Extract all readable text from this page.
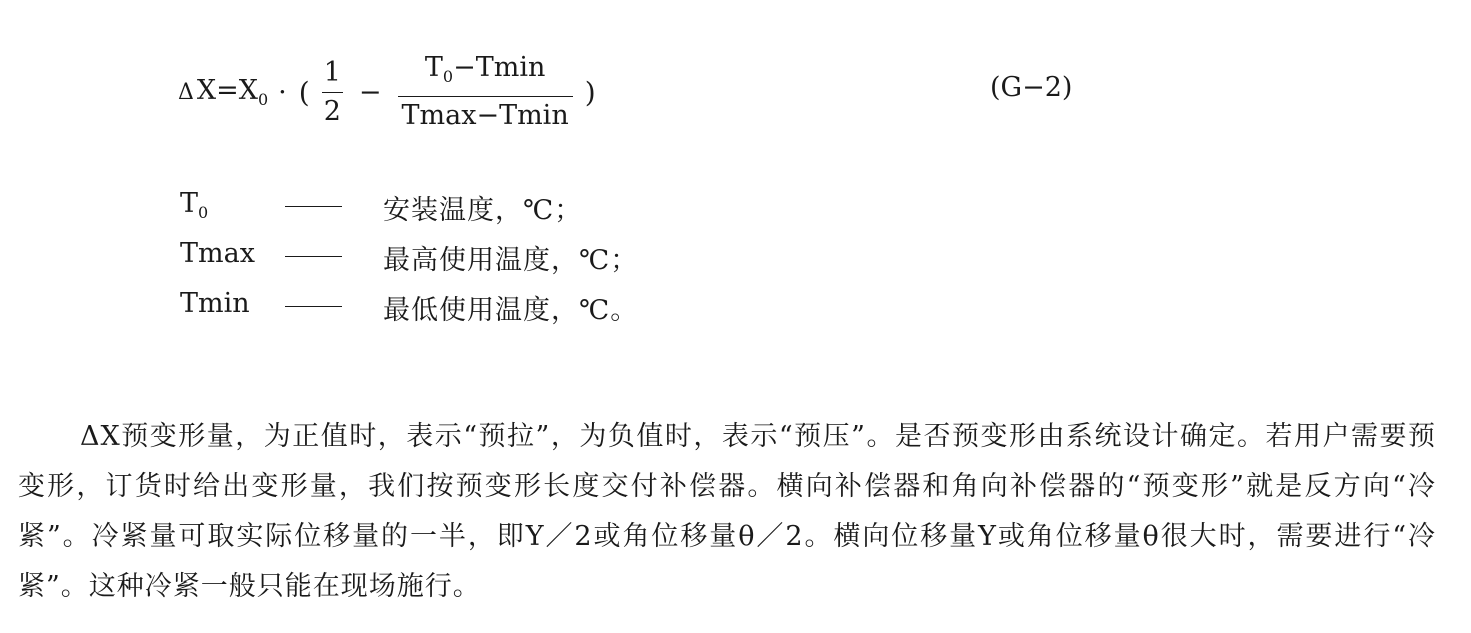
Δ $X=X_0$ · ( $\frac{1}{2} - \frac{T_0-Tmin}{Tmax-Tmin}$ )	(G−2)
$T_0$	安装温度，℃；
Tmax	最高使用温度，℃；
Tmin	最低使用温度，℃。

ΔX预变形量，为正值时，表示“预拉”，为负值时，表示“预压”。是否预变形由系统设计确定。若用户需要预变形，订货时给出变形量，我们按预变形长度交付补偿器。横向补偿器和角向补偿器的“预变形”就是反方向“冷紧”。冷紧量可取实际位移量的一半，即Y／2或角位移量θ／2。横向位移量Y或角位移量θ很大时，需要进行“冷紧”。这种冷紧一般只能在现场施行。
